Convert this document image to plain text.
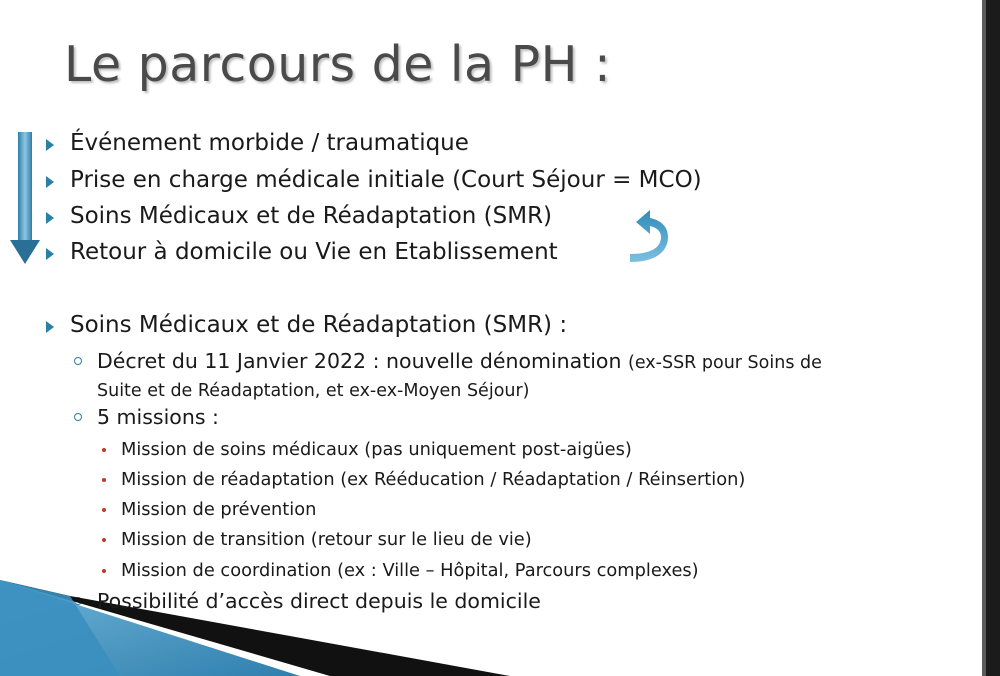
Le parcours de la PH :
Événement morbide / traumatique
Prise en charge médicale initiale (Court Séjour = MCO)
Soins Médicaux et de Réadaptation (SMR)
Retour à domicile ou Vie en Etablissement
Soins Médicaux et de Réadaptation (SMR) :
Décret du 11 Janvier 2022 : nouvelle dénomination (ex-SSR pour Soins de
Suite et de Réadaptation, et ex-ex-Moyen Séjour)
5 missions :
Mission de soins médicaux (pas uniquement post-aigües)
Mission de réadaptation (ex Rééducation / Réadaptation / Réinsertion)
Mission de prévention
Mission de transition (retour sur le lieu de vie)
Mission de coordination (ex : Ville – Hôpital, Parcours complexes)
Possibilité d’accès direct depuis le domicile
